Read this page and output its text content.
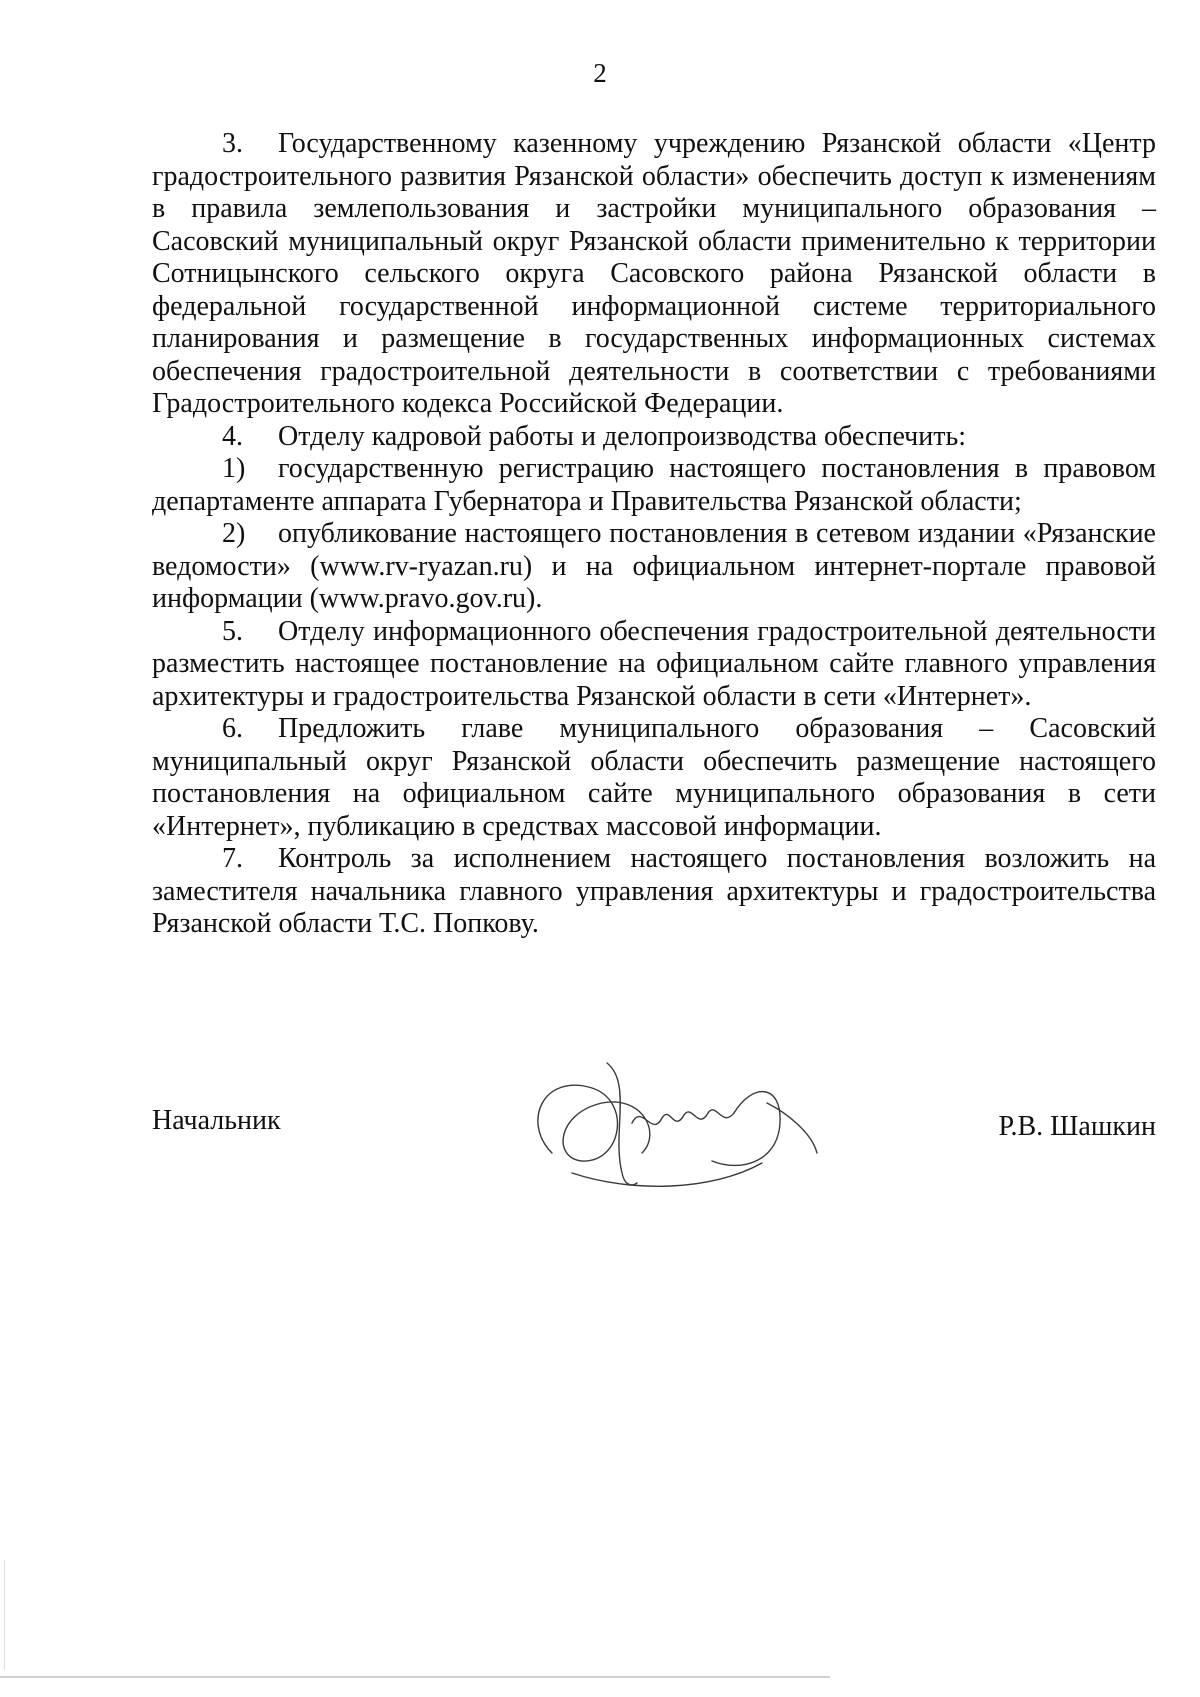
2

3. Государственному казенному учреждению Рязанской области «Центр градостроительного развития Рязанской области» обеспечить доступ к изменениям в правила землепользования и застройки муниципального образования – Сасовский муниципальный округ Рязанской области применительно к территории Сотницынского сельского округа Сасовского района Рязанской области в федеральной государственной информационной системе территориального планирования и размещение в государственных информационных системах обеспечения градостроительной деятельности в соответствии с требованиями Градостроительного кодекса Российской Федерации.

4. Отделу кадровой работы и делопроизводства обеспечить:

1) государственную регистрацию настоящего постановления в правовом департаменте аппарата Губернатора и Правительства Рязанской области;

2) опубликование настоящего постановления в сетевом издании «Рязанские ведомости» (www.rv-ryazan.ru) и на официальном интернет-портале правовой информации (www.pravo.gov.ru).

5. Отделу информационного обеспечения градостроительной деятельности разместить настоящее постановление на официальном сайте главного управления архитектуры и градостроительства Рязанской области в сети «Интернет».

6. Предложить главе муниципального образования – Сасовский муниципальный округ Рязанской области обеспечить размещение настоящего постановления на официальном сайте муниципального образования в сети «Интернет», публикацию в средствах массовой информации.

7. Контроль за исполнением настоящего постановления возложить на заместителя начальника главного управления архитектуры и градостроительства Рязанской области Т.С. Попкову.

Начальник	Р.В. Шашкин
